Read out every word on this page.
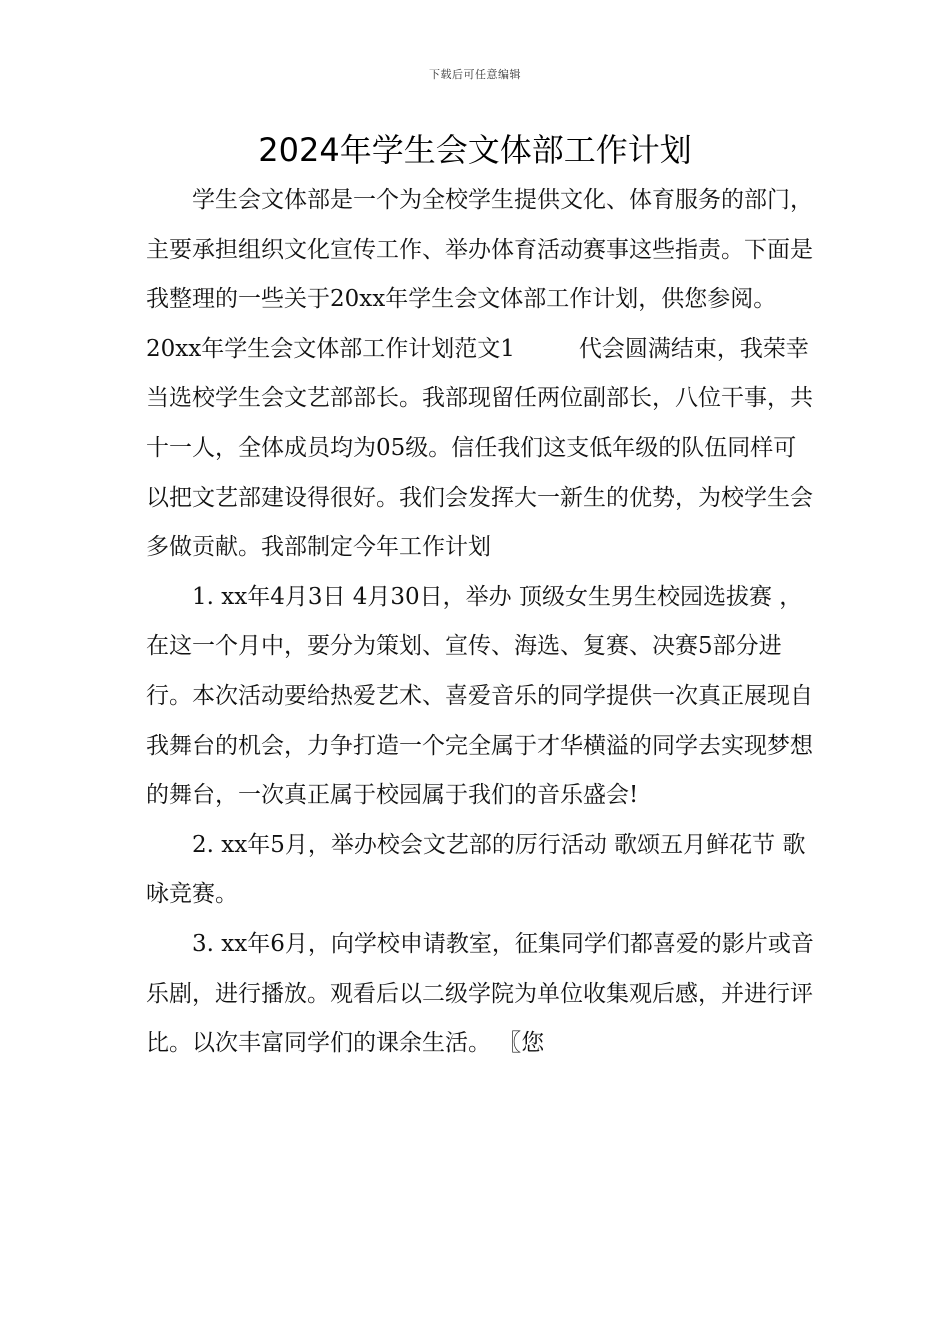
下载后可任意编辑
2024年学生会文体部工作计划

学生会文体部是一个为全校学生提供文化、体育服务的部门，主要承担组织文化宣传工作、举办体育活动赛事这些指责。下面是我整理的一些关于20xx年学生会文体部工作计划，供您参阅。

20xx年学生会文体部工作计划范文1	代会圆满结束，我荣幸当选校学生会文艺部部长。我部现留任两位副部长，八位干事，共十一人，全体成员均为05级。信任我们这支低年级的队伍同样可以把文艺部建设得很好。我们会发挥大一新生的优势，为校学生会多做贡献。我部制定今年工作计划

1. xx年4月3日 4月30日，举办 顶级女生男生校园选拔赛 ，在这一个月中，要分为策划、宣传、海选、复赛、决赛5部分进行。本次活动要给热爱艺术、喜爱音乐的同学提供一次真正展现自我舞台的机会，力争打造一个完全属于才华横溢的同学去实现梦想的舞台，一次真正属于校园属于我们的音乐盛会!

2. xx年5月，举办校会文艺部的厉行活动 歌颂五月鲜花节 歌咏竞赛。

3. xx年6月，向学校申请教室，征集同学们都喜爱的影片或音乐剧，进行播放。观看后以二级学院为单位收集观后感，并进行评比。以次丰富同学们的课余生活。 〖您
